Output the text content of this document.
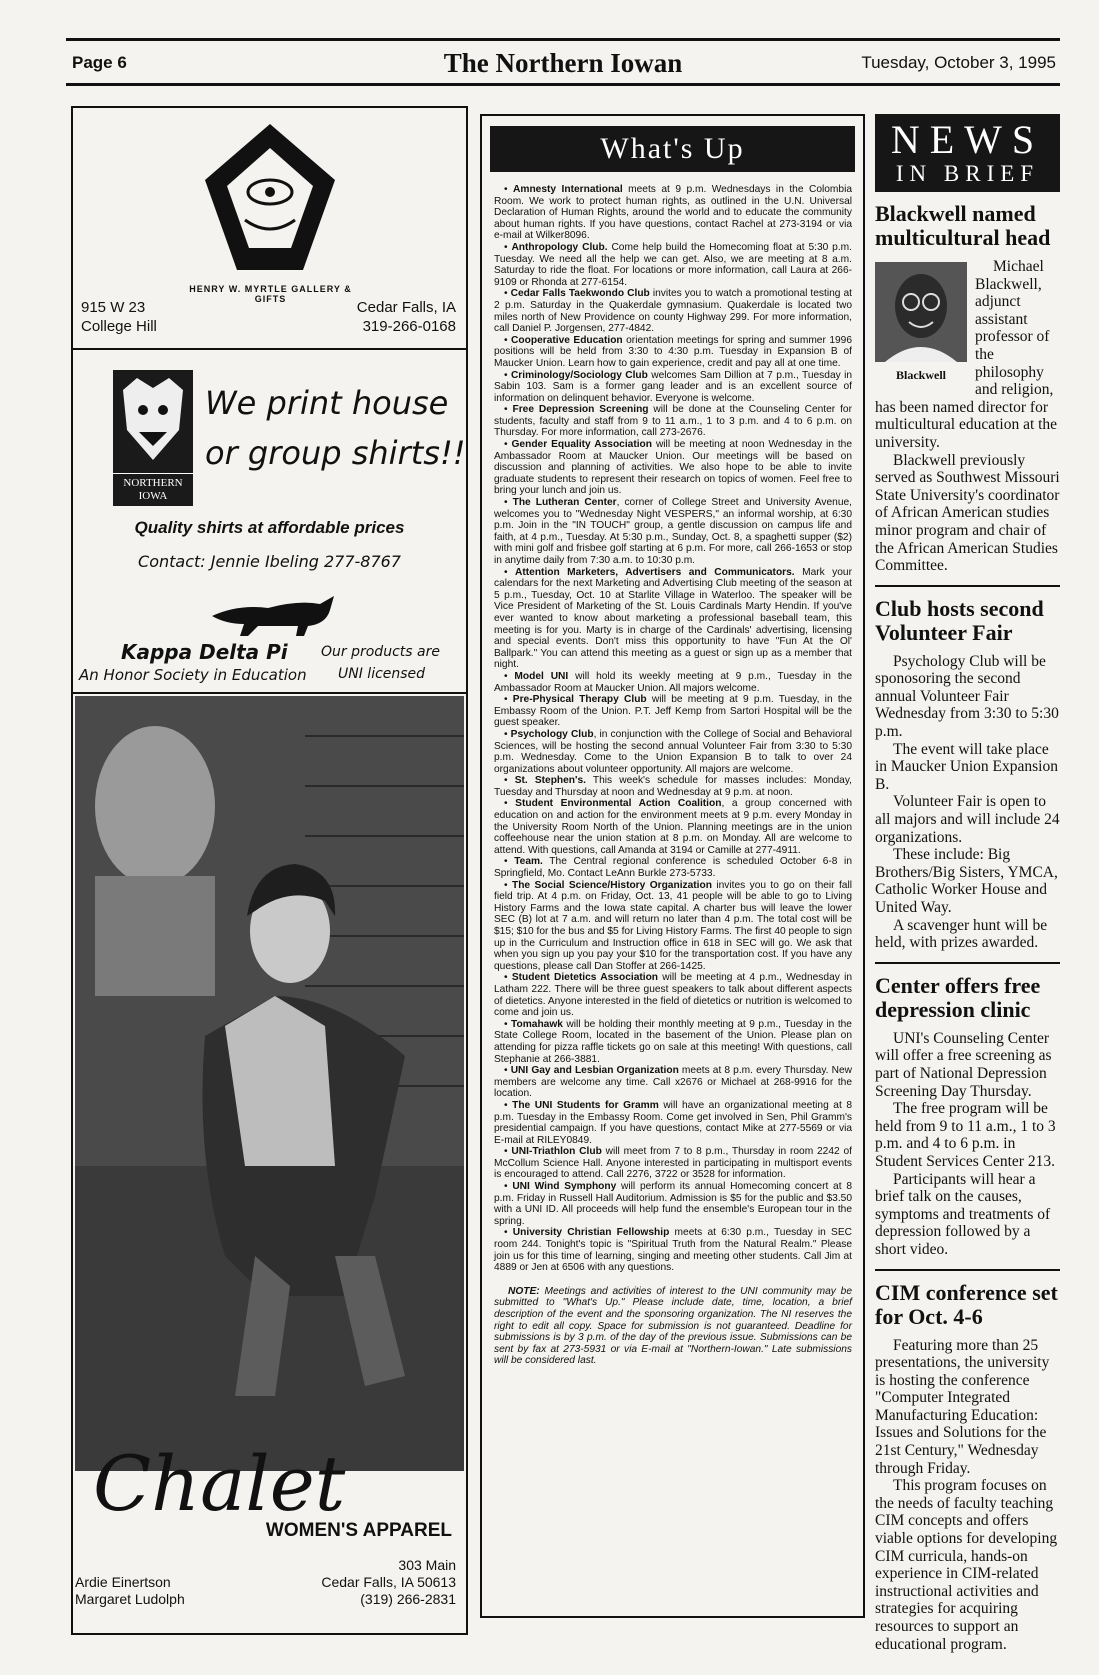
Page 6	The Northern Iowan	Tuesday, October 3, 1995
HENRY W. MYRTLE GALLERY & GIFTS
915 W 23
College Hill
Cedar Falls, IA
319-266-0168
NORTHERN IOWA
We print house
or group shirts!!
Quality shirts at affordable prices
Contact: Jennie Ibeling 277-8767
Kappa Delta Pi
An Honor Society in Education
Our products are
UNI licensed
Chalet
WOMEN'S APPAREL
Ardie Einertson
Margaret Ludolph
303 Main
Cedar Falls, IA 50613
(319) 266-2831
What's Up

• Amnesty International meets at 9 p.m. Wednesdays in the Colombia Room. We work to protect human rights, as outlined in the U.N. Universal Declaration of Human Rights, around the world and to educate the community about human rights. If you have questions, contact Rachel at 273-3194 or via e-mail at Wilker8096.

• Anthropology Club. Come help build the Homecoming float at 5:30 p.m. Tuesday. We need all the help we can get. Also, we are meeting at 8 a.m. Saturday to ride the float. For locations or more information, call Laura at 266-9109 or Rhonda at 277-6154.

• Cedar Falls Taekwondo Club invites you to watch a promotional testing at 2 p.m. Saturday in the Quakerdale gymnasium. Quakerdale is located two miles north of New Providence on county Highway 299. For more information, call Daniel P. Jorgensen, 277-4842.

• Cooperative Education orientation meetings for spring and summer 1996 positions will be held from 3:30 to 4:30 p.m. Tuesday in Expansion B of Maucker Union. Learn how to gain experience, credit and pay all at one time.

• Criminology/Sociology Club welcomes Sam Dillion at 7 p.m., Tuesday in Sabin 103. Sam is a former gang leader and is an excellent source of information on delinquent behavior. Everyone is welcome.

• Free Depression Screening will be done at the Counseling Center for students, faculty and staff from 9 to 11 a.m., 1 to 3 p.m. and 4 to 6 p.m. on Thursday. For more information, call 273-2676.

• Gender Equality Association will be meeting at noon Wednesday in the Ambassador Room at Maucker Union. Our meetings will be based on discussion and planning of activities. We also hope to be able to invite graduate students to represent their research on topics of women. Feel free to bring your lunch and join us.

• The Lutheran Center, corner of College Street and University Avenue, welcomes you to "Wednesday Night VESPERS," an informal worship, at 6:30 p.m. Join in the "IN TOUCH" group, a gentle discussion on campus life and faith, at 4 p.m., Tuesday. At 5:30 p.m., Sunday, Oct. 8, a spaghetti supper ($2) with mini golf and frisbee golf starting at 6 p.m. For more, call 266-1653 or stop in anytime daily from 7:30 a.m. to 10:30 p.m.

• Attention Marketers, Advertisers and Communicators. Mark your calendars for the next Marketing and Advertising Club meeting of the season at 5 p.m., Tuesday, Oct. 10 at Starlite Village in Waterloo. The speaker will be Vice President of Marketing of the St. Louis Cardinals Marty Hendin. If you've ever wanted to know about marketing a professional baseball team, this meeting is for you. Marty is in charge of the Cardinals' advertising, licensing and special events. Don't miss this opportunity to have "Fun At the Ol' Ballpark." You can attend this meeting as a guest or sign up as a member that night.

• Model UNI will hold its weekly meeting at 9 p.m., Tuesday in the Ambassador Room at Maucker Union. All majors welcome.

• Pre-Physical Therapy Club will be meeting at 9 p.m. Tuesday, in the Embassy Room of the Union. P.T. Jeff Kemp from Sartori Hospital will be the guest speaker.

• Psychology Club, in conjunction with the College of Social and Behavioral Sciences, will be hosting the second annual Volunteer Fair from 3:30 to 5:30 p.m. Wednesday. Come to the Union Expansion B to talk to over 24 organizations about volunteer opportunity. All majors are welcome.

• St. Stephen's. This week's schedule for masses includes: Monday, Tuesday and Thursday at noon and Wednesday at 9 p.m. at noon.

• Student Environmental Action Coalition, a group concerned with education on and action for the environment meets at 9 p.m. every Monday in the University Room North of the Union. Planning meetings are in the union coffeehouse near the union station at 8 p.m. on Monday. All are welcome to attend. With questions, call Amanda at 3194 or Camille at 277-4911.

• Team. The Central regional conference is scheduled October 6-8 in Springfield, Mo. Contact LeAnn Burkle 273-5733.

• The Social Science/History Organization invites you to go on their fall field trip. At 4 p.m. on Friday, Oct. 13, 41 people will be able to go to Living History Farms and the Iowa state capital. A charter bus will leave the lower SEC (B) lot at 7 a.m. and will return no later than 4 p.m. The total cost will be $15; $10 for the bus and $5 for Living History Farms. The first 40 people to sign up in the Curriculum and Instruction office in 618 in SEC will go. We ask that when you sign up you pay your $10 for the transportation cost. If you have any questions, please call Dan Stoffer at 266-1425.

• Student Dietetics Association will be meeting at 4 p.m., Wednesday in Latham 222. There will be three guest speakers to talk about different aspects of dietetics. Anyone interested in the field of dietetics or nutrition is welcomed to come and join us.

• Tomahawk will be holding their monthly meeting at 9 p.m., Tuesday in the State College Room, located in the basement of the Union. Please plan on attending for pizza raffle tickets go on sale at this meeting! With questions, call Stephanie at 266-3881.

• UNI Gay and Lesbian Organization meets at 8 p.m. every Thursday. New members are welcome any time. Call x2676 or Michael at 268-9916 for the location.

• The UNI Students for Gramm will have an organizational meeting at 8 p.m. Tuesday in the Embassy Room. Come get involved in Sen, Phil Gramm's presidential campaign. If you have questions, contact Mike at 277-5569 or via E-mail at RILEY0849.

• UNI-Triathlon Club will meet from 7 to 8 p.m., Thursday in room 2242 of McCollum Science Hall. Anyone interested in participating in multisport events is encouraged to attend. Call 2276, 3722 or 3528 for information.

• UNI Wind Symphony will perform its annual Homecoming concert at 8 p.m. Friday in Russell Hall Auditorium. Admission is $5 for the public and $3.50 with a UNI ID. All proceeds will help fund the ensemble's European tour in the spring.

• University Christian Fellowship meets at 6:30 p.m., Tuesday in SEC room 244. Tonight's topic is "Spiritual Truth from the Natural Realm." Please join us for this time of learning, singing and meeting other students. Call Jim at 4889 or Jen at 6506 with any questions.

NOTE: Meetings and activities of interest to the UNI community may be submitted to "What's Up." Please include date, time, location, a brief description of the event and the sponsoring organization. The NI reserves the right to edit all copy. Space for submission is not guaranteed. Deadline for submissions is by 3 p.m. of the day of the previous issue. Submissions can be sent by fax at 273-5931 or via E-mail at "Northern-Iowan." Late submissions will be considered last.

NEWS
IN BRIEF
Blackwell named multicultural head
Blackwell

Michael Blackwell, adjunct assistant professor of the philosophy and religion, has been named director for multicultural education at the university.

Blackwell previously served as Southwest Missouri State University's coordinator of African American studies minor program and chair of the African American Studies Committee.

Club hosts second Volunteer Fair

Psychology Club will be sponosoring the second annual Volunteer Fair Wednesday from 3:30 to 5:30 p.m.

The event will take place in Maucker Union Expansion B.

Volunteer Fair is open to all majors and will include 24 organizations.

These include: Big Brothers/Big Sisters, YMCA, Catholic Worker House and United Way.

A scavenger hunt will be held, with prizes awarded.

Center offers free depression clinic

UNI's Counseling Center will offer a free screening as part of National Depression Screening Day Thursday.

The free program will be held from 9 to 11 a.m., 1 to 3 p.m. and 4 to 6 p.m. in Student Services Center 213.

Participants will hear a brief talk on the causes, symptoms and treatments of depression followed by a short video.

CIM conference set for Oct. 4-6

Featuring more than 25 presentations, the university is hosting the conference "Computer Integrated Manufacturing Education: Issues and Solutions for the 21st Century," Wednesday through Friday.

This program focuses on the needs of faculty teaching CIM concepts and offers viable options for developing CIM curricula, hands-on experience in CIM-related instructional activities and strategies for acquiring resources to support an educational program.
